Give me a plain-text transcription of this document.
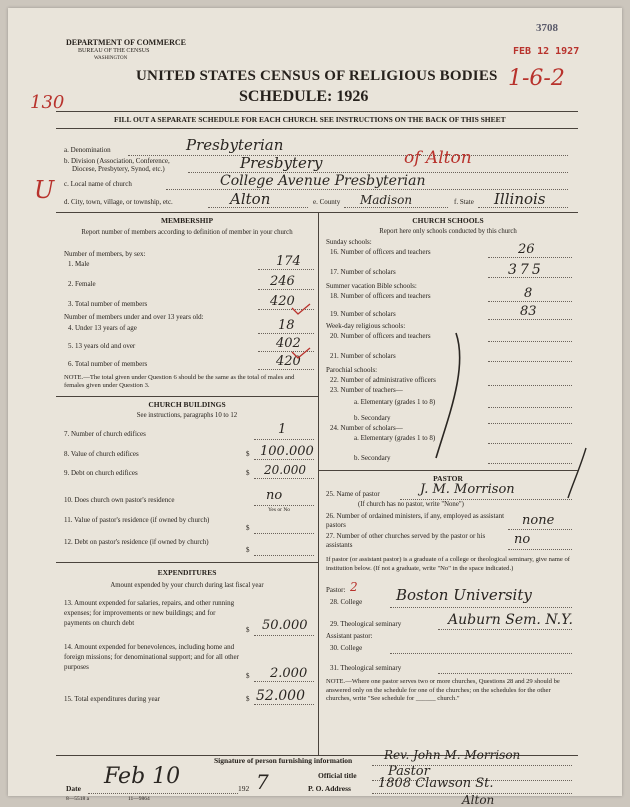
DEPARTMENT OF COMMERCE
BUREAU OF THE CENSUS
WASHINGTON
UNITED STATES CENSUS OF RELIGIOUS BODIES
SCHEDULE: 1926
FILL OUT A SEPARATE SCHEDULE FOR EACH CHURCH. SEE INSTRUCTIONS ON THE BACK OF THIS SHEET
3708
FEB 12 1927
130
1-6-2
U
a. Denomination	Presbyterian
b. Division (Association, Conference,
Diocese, Presbytery, Synod, etc.)	Presbytery	of Alton
c. Local name of church	College Avenue Presbyterian
d. City, town, village, or township, etc.	Alton	e. County Madison	f. State Illinois
MEMBERSHIP
Report number of members according to definition of member in your church
Number of members, by sex:
1. Male	174
2. Female	246
3. Total number of members	420
Number of members under and over 13 years old:
4. Under 13 years of age	18
5. 13 years old and over	402
6. Total number of members	420
NOTE.—The total given under Question 6 should be the same as the total of males and females given under Question 3.
CHURCH BUILDINGS
See instructions, paragraphs 10 to 12
7. Number of church edifices	1
8. Value of church edifices	$ 100.000
9. Debt on church edifices	$ 20.000
10. Does church own pastor's residence	no
Yes or No
11. Value of pastor's residence (if owned by church)
$
12. Debt on pastor's residence (if owned by church)
$
EXPENDITURES
Amount expended by your church during last fiscal year
13. Amount expended for salaries, repairs, and other running expenses; for improvements or new buildings; and for payments on church debt
$ 50.000
14. Amount expended for benevolences, including home and foreign missions; for denominational support; and for all other purposes
$ 2.000
15. Total expenditures during year	$ 52.000
CHURCH SCHOOLS
Report here only schools conducted by this church
Sunday schools:
16. Number of officers and teachers	26
17. Number of scholars	375
Summer vacation Bible schools:
18. Number of officers and teachers	8
19. Number of scholars	83
Week-day religious schools:
20. Number of officers and teachers
21. Number of scholars
Parochial schools:
22. Number of administrative officers
23. Number of teachers—
a. Elementary (grades 1 to 8)
b. Secondary
24. Number of scholars—
a. Elementary (grades 1 to 8)
b. Secondary
PASTOR
25. Name of pastor	J. M. Morrison
(If church has no pastor, write "None")
26. Number of ordained ministers, if any, employed as assistant pastors	none
27. Number of other churches served by the pastor or his assistants	no
If pastor (or assistant pastor) is a graduate of a college or theological seminary, give name of institution below. (If not a graduate, write "No" in the space indicated.)
Pastor: 2
28. College Boston University
29. Theological seminary	Auburn Sem. N.Y.
Assistant pastor:
30. College
31. Theological seminary
NOTE.—Where one pastor serves two or more churches, Questions 28 and 29 should be answered only on the schedule for one of the churches; on the schedules for the other churches, write "See schedule for ______ church."
Signature of person furnishing information	Rev. John M. Morrison
Official title Pastor
Date Feb 10	192 7	P. O. Address 1808 Clawson St.
Alton
8—5518 a	11—9864
